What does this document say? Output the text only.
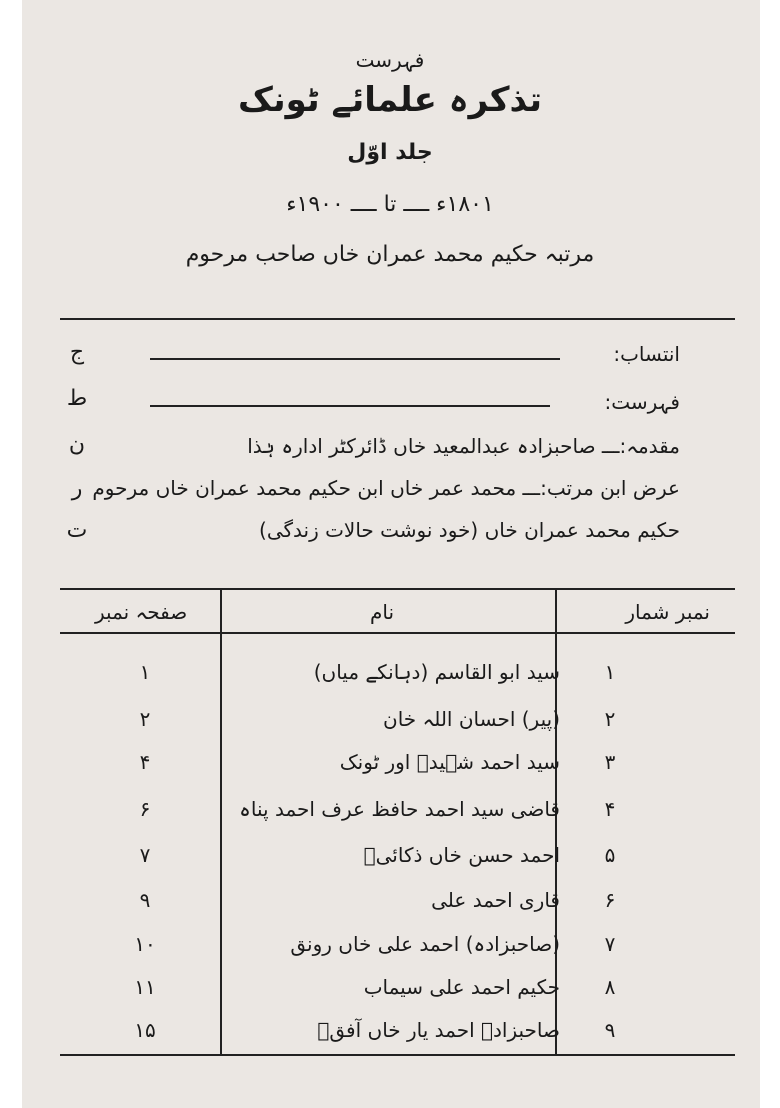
فہرست
تذکرہ علمائے ٹونک
جلد اوّل
۱۸۰۱ء ــــ تا ــــ ۱۹۰۰ء
مرتبہ حکیم محمد عمران خاں صاحب مرحوم
انتساب:
ج
فہرست:
ط
مقدمہ:ـــ صاحبزادہ عبدالمعید خاں ڈائرکٹر ادارہ ہٰذا
ن
عرض ابن مرتب:ـــ محمد عمر خاں ابن حکیم محمد عمران خاں مرحوم
ر
حکیم محمد عمران خاں (خود نوشت حالات زندگی)
ت
نمبر شمار
نام
صفحہ نمبر
۱
سید ابو القاسم (دہانکے میاں)
۱
۲
(پیر) احسان اللہ خان
۲
۳
سید احمد شہیدؒ اور ٹونک
۴
۴
قاضی سید احمد حافظ عرف احمد پناہ
۶
۵
احمد حسن خاں ذکائیؔ
۷
۶
قاری احمد علی
۹
۷
(صاحبزادہ) احمد علی خاں رونق
۱۰
۸
حکیم احمد علی سیماب
۱۱
۹
صاحبزادہ احمد یار خاں آفقؔ
۱۵
